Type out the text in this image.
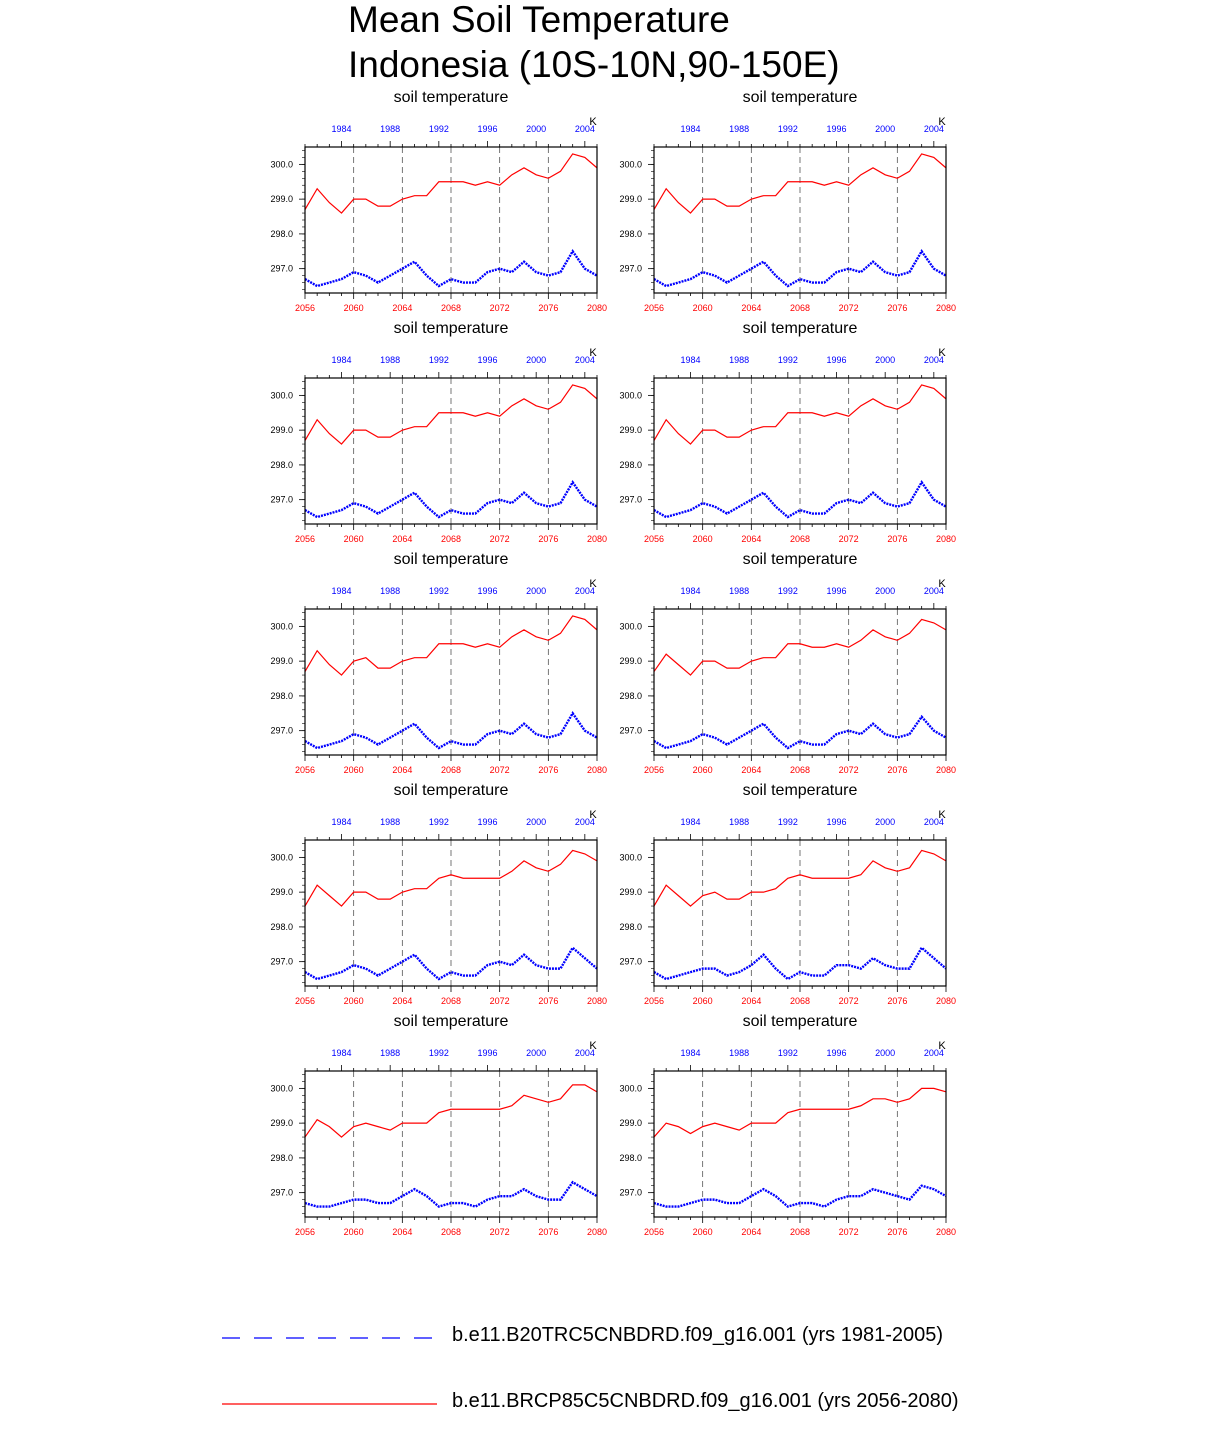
Mean Soil Temperature
Indonesia (10S-10N,90-150E)
soil temperature
K
2056	2060	2064	2068	2072	2076	2080
1984	1988	1992	1996	2000	2004
297.0
298.0
299.0
300.0
soil temperature
K
2056	2060	2064	2068	2072	2076	2080
1984	1988	1992	1996	2000	2004
297.0
298.0
299.0
300.0
soil temperature
K
2056	2060	2064	2068	2072	2076	2080
1984	1988	1992	1996	2000	2004
297.0
298.0
299.0
300.0
soil temperature
K
2056	2060	2064	2068	2072	2076	2080
1984	1988	1992	1996	2000	2004
297.0
298.0
299.0
300.0
soil temperature
K
2056	2060	2064	2068	2072	2076	2080
1984	1988	1992	1996	2000	2004
297.0
298.0
299.0
300.0
soil temperature
K
2056	2060	2064	2068	2072	2076	2080
1984	1988	1992	1996	2000	2004
297.0
298.0
299.0
300.0
soil temperature
K
2056	2060	2064	2068	2072	2076	2080
1984	1988	1992	1996	2000	2004
297.0
298.0
299.0
300.0
soil temperature
K
2056	2060	2064	2068	2072	2076	2080
1984	1988	1992	1996	2000	2004
297.0
298.0
299.0
300.0
soil temperature
K
2056	2060	2064	2068	2072	2076	2080
1984	1988	1992	1996	2000	2004
297.0
298.0
299.0
300.0
soil temperature
K
2056	2060	2064	2068	2072	2076	2080
1984	1988	1992	1996	2000	2004
297.0
298.0
299.0
300.0
b.e11.B20TRC5CNBDRD.f09_g16.001 (yrs 1981-2005)
b.e11.BRCP85C5CNBDRD.f09_g16.001 (yrs 2056-2080)
